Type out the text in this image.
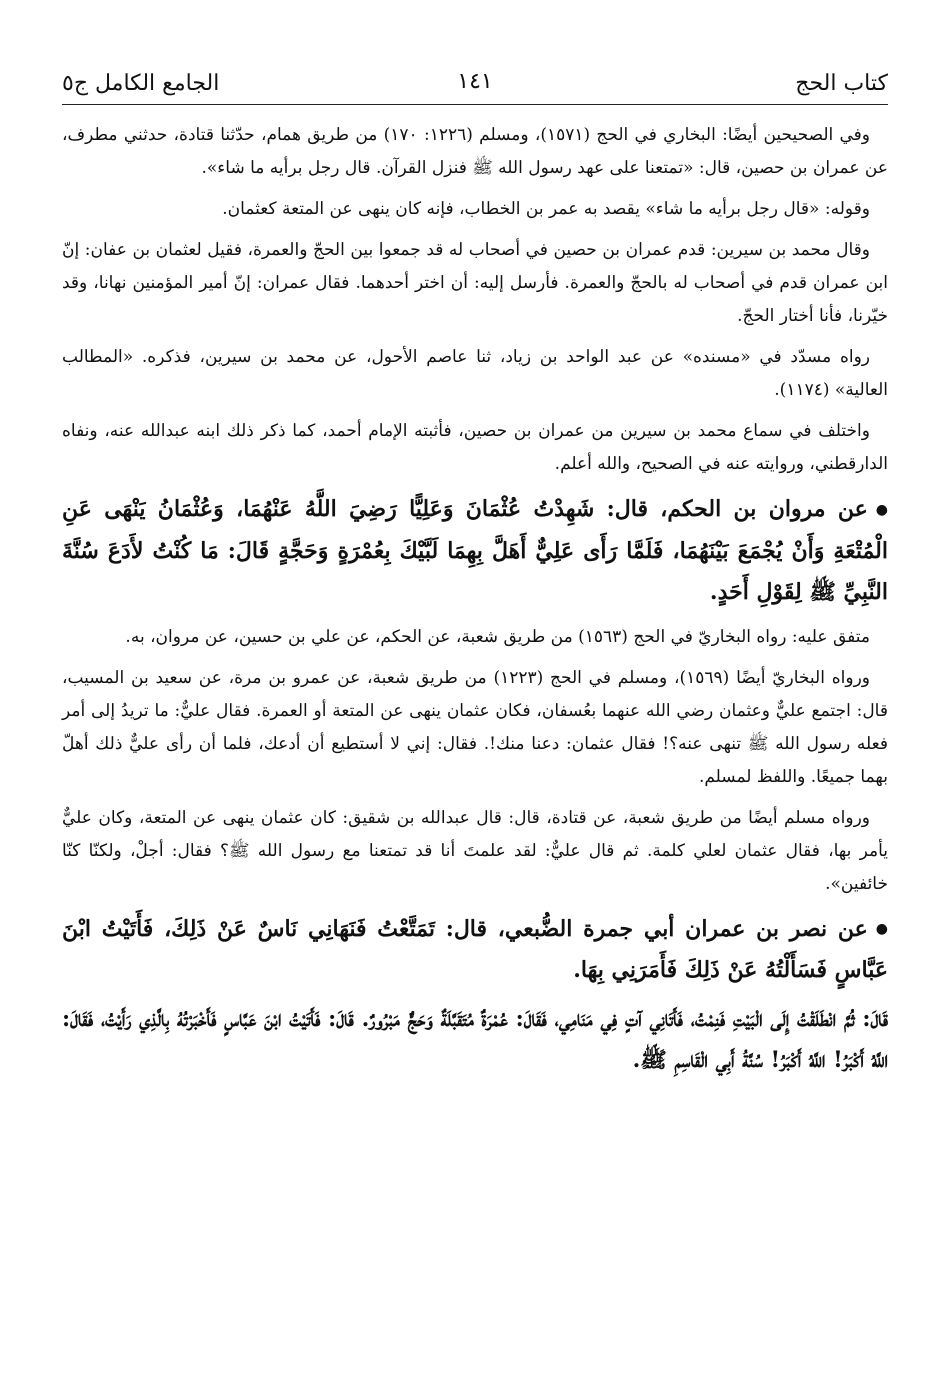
كتاب الحج
١٤١
الجامع الكامل ج٥

وفي الصحيحين أيضًا: البخاري في الحج (١٥٧١)، ومسلم (١٢٢٦: ١٧٠) من طريق همام، حدّثنا قتادة، حدثني مطرف، عن عمران بن حصين، قال: «تمتعنا على عهد رسول الله ﷺ فنزل القرآن. قال رجل برأيه ما شاء».

وقوله: «قال رجل برأيه ما شاء» يقصد به عمر بن الخطاب، فإنه كان ينهى عن المتعة كعثمان.

وقال محمد بن سيرين: قدم عمران بن حصين في أصحاب له قد جمعوا بين الحجّ والعمرة، فقيل لعثمان بن عفان: إنّ ابن عمران قدم في أصحاب له بالحجّ والعمرة. فأرسل إليه: أن اختر أحدهما. فقال عمران: إنّ أمير المؤمنين نهانا، وقد خيّرنا، فأنا أختار الحجّ.

رواه مسدّد في «مسنده» عن عبد الواحد بن زياد، ثنا عاصم الأحول، عن محمد بن سيرين، فذكره. «المطالب العالية» (١١٧٤).

واختلف في سماع محمد بن سيرين من عمران بن حصين، فأثبته الإمام أحمد، كما ذكر ذلك ابنه عبدالله عنه، ونفاه الدارقطني، وروايته عنه في الصحيح، والله أعلم.

●عن مروان بن الحكم، قال: شَهِدْتُ عُثْمَانَ وَعَلِيًّا رَضِيَ اللَّهُ عَنْهُمَا، وَعُثْمَانُ يَنْهَى عَنِ الْمُتْعَةِ وَأَنْ يُجْمَعَ بَيْنَهُمَا، فَلَمَّا رَأَى عَلِيٌّ أَهَلَّ بِهِمَا لَبَّيْكَ بِعُمْرَةٍ وَحَجَّةٍ قَالَ: مَا كُنْتُ لأَدَعَ سُنَّةَ النَّبِيِّ ﷺ لِقَوْلِ أَحَدٍ.

متفق عليه: رواه البخاريّ في الحج (١٥٦٣) من طريق شعبة، عن الحكم، عن علي بن حسين، عن مروان، به.

ورواه البخاريّ أيضًا (١٥٦٩)، ومسلم في الحج (١٢٢٣) من طريق شعبة، عن عمرو بن مرة، عن سعيد بن المسيب، قال: اجتمع عليٌّ وعثمان رضي الله عنهما بعُسفان، فكان عثمان ينهى عن المتعة أو العمرة. فقال عليٌّ: ما تريدُ إلى أمر فعله رسول الله ﷺ تنهى عنه؟! فقال عثمان: دعنا منك!. فقال: إني لا أستطيع أن أدعك، فلما أن رأى عليٌّ ذلك أهلّ بهما جميعًا. واللفظ لمسلم.

ورواه مسلم أيضًا من طريق شعبة، عن قتادة، قال: قال عبدالله بن شقيق: كان عثمان ينهى عن المتعة، وكان عليٌّ يأمر بها، فقال عثمان لعلي كلمة. ثم قال عليٌّ: لقد علمتَ أنا قد تمتعنا مع رسول الله ﷺ؟ فقال: أجلْ، ولكنّا كنّا خائفين».

●عن نصر بن عمران أبي جمرة الضُّبعي، قال: تَمَتَّعْتُ فَنَهَانِي نَاسٌ عَنْ ذَلِكَ، فَأَتَيْتُ ابْنَ عَبَّاسٍ فَسَأَلْتُهُ عَنْ ذَلِكَ فَأَمَرَنِي بِهَا.

قَالَ: ثُمَّ انْطَلَقْتُ إِلَى الْبَيْتِ فَنِمْتُ، فَأَتَانِي آتٍ فِي مَنَامِي، فَقَالَ: عُمْرَةٌ مُتَقَبَّلَةٌ وَحَجٌّ مَبْرُورٌ. قَالَ: فَأَتَيْتُ ابْنَ عَبَّاسٍ فَأَخْبَرْتُهُ بِالَّذِي رَأَيْتُ، فَقَالَ: اللَّهُ أَكْبَرُ! اللَّهُ أَكْبَرُ! سُنَّةُ أَبِي الْقَاسِمِ ﷺ.
